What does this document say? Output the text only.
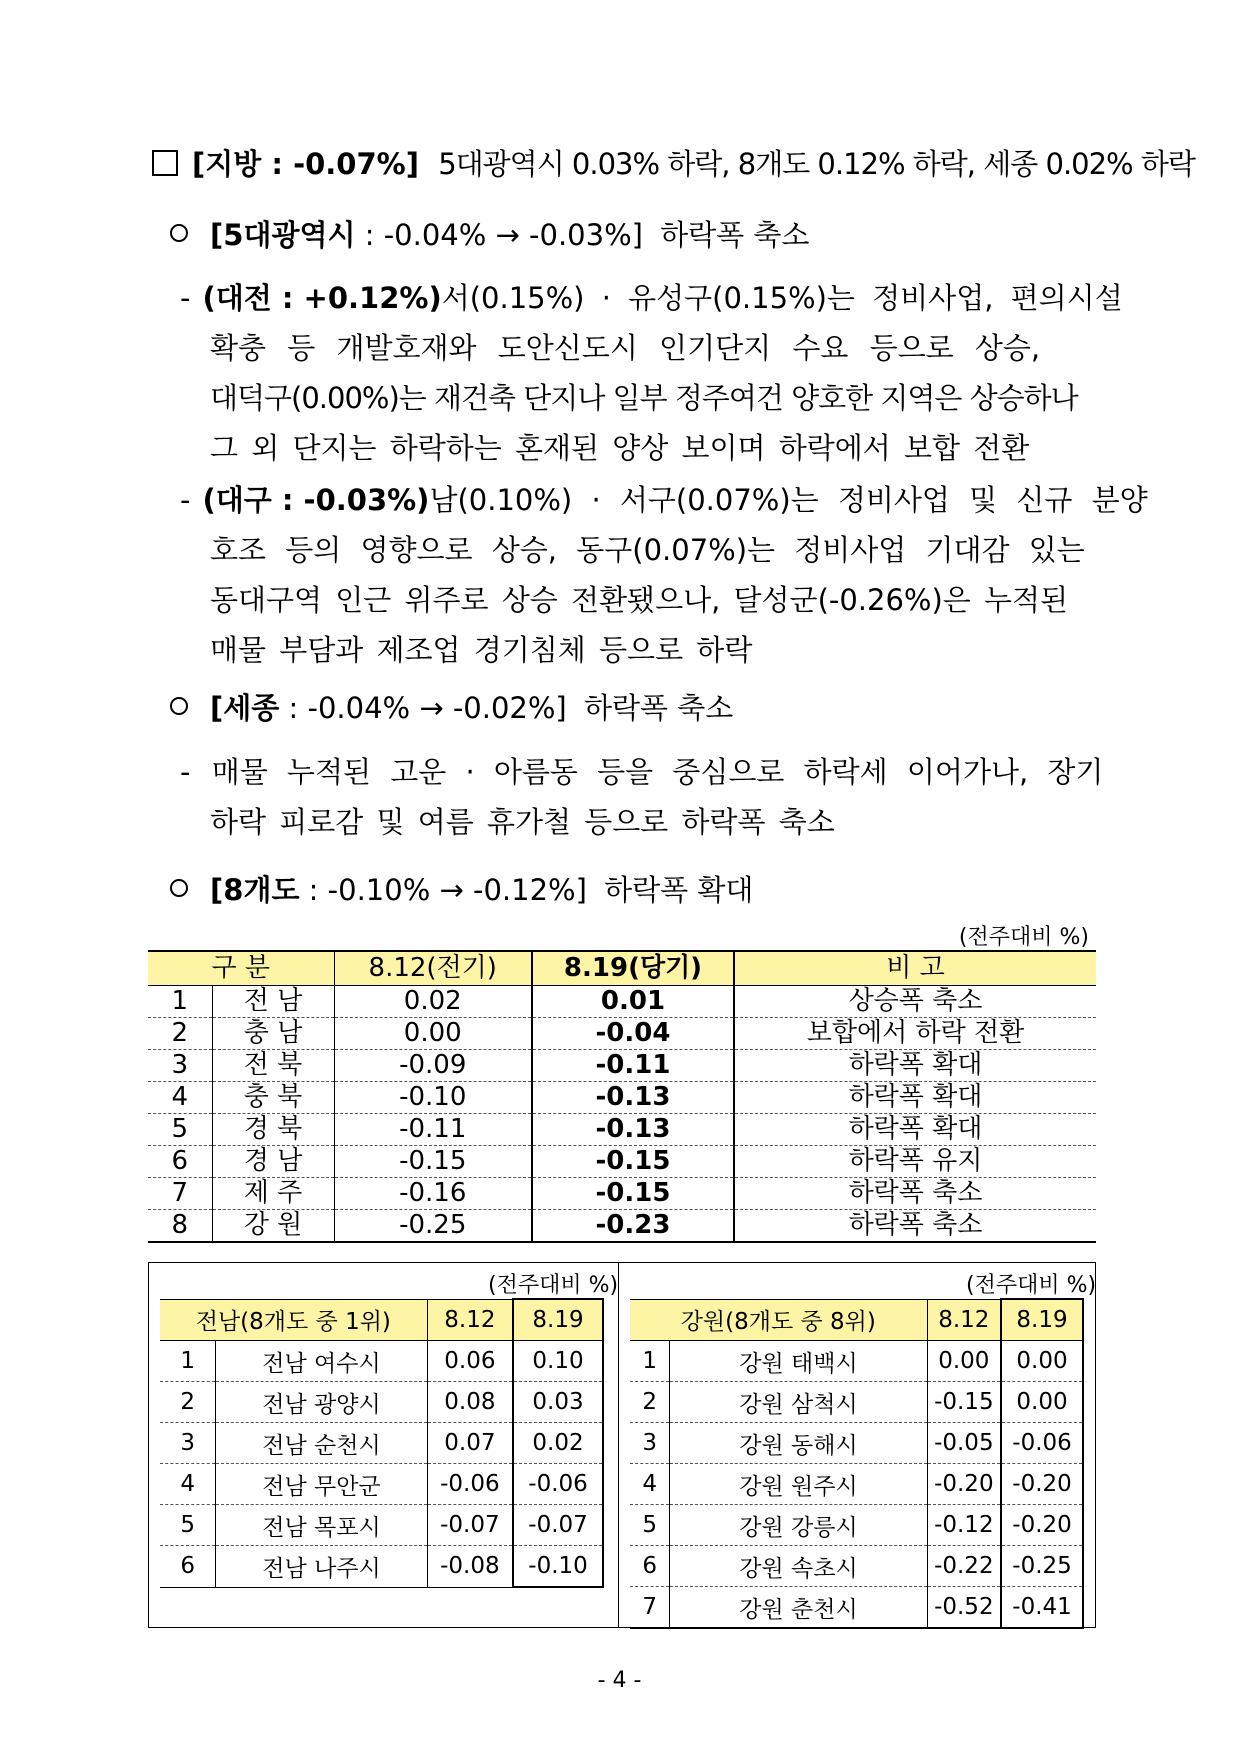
[지방 : -0.07%] 5대광역시 0.03% 하락, 8개도 0.12% 하락, 세종 0.02% 하락
[5대광역시 : -0.04% → -0.03%] 하락폭 축소
- (대전 : +0.12%) 서(0.15%) · 유성구(0.15%)는 정비사업, 편의시설
확충 등 개발호재와 도안신도시 인기단지 수요 등으로 상승,
대덕구(0.00%)는 재건축 단지나 일부 정주여건 양호한 지역은 상승하나
그 외 단지는 하락하는 혼재된 양상 보이며 하락에서 보합 전환
- (대구 : -0.03%) 남(0.10%) · 서구(0.07%)는 정비사업 및 신규 분양
호조 등의 영향으로 상승, 동구(0.07%)는 정비사업 기대감 있는
동대구역 인근 위주로 상승 전환됐으나, 달성군(-0.26%)은 누적된
매물 부담과 제조업 경기침체 등으로 하락
[세종 : -0.04% → -0.02%] 하락폭 축소
- 매물 누적된 고운 · 아름동 등을 중심으로 하락세 이어가나, 장기
하락 피로감 및 여름 휴가철 등으로 하락폭 축소
[8개도 : -0.10% → -0.12%] 하락폭 확대
(전주대비 %)
구 분		8.12(전기)	8.19(당기)	비 고
1	전 남	0.02	0.01	상승폭 축소
2	충 남	0.00	-0.04	보합에서 하락 전환
3	전 북	-0.09	-0.11	하락폭 확대
4	충 북	-0.10	-0.13	하락폭 확대
5	경 북	-0.11	-0.13	하락폭 확대
6	경 남	-0.15	-0.15	하락폭 유지
7	제 주	-0.16	-0.15	하락폭 축소
8	강 원	-0.25	-0.23	하락폭 축소
(전주대비 %)	(전주대비 %)
전남(8개도 중 1위)		8.12	8.19
1	전남 여수시	0.06	0.10
2	전남 광양시	0.08	0.03
3	전남 순천시	0.07	0.02
4	전남 무안군	-0.06	-0.06
5	전남 목포시	-0.07	-0.07
6	전남 나주시	-0.08	-0.10
강원(8개도 중 8위)		8.12	8.19
1	강원 태백시	0.00	0.00
2	강원 삼척시	-0.15	0.00
3	강원 동해시	-0.05	-0.06
4	강원 원주시	-0.20	-0.20
5	강원 강릉시	-0.12	-0.20
6	강원 속초시	-0.22	-0.25
7	강원 춘천시	-0.52	-0.41
- 4 -
